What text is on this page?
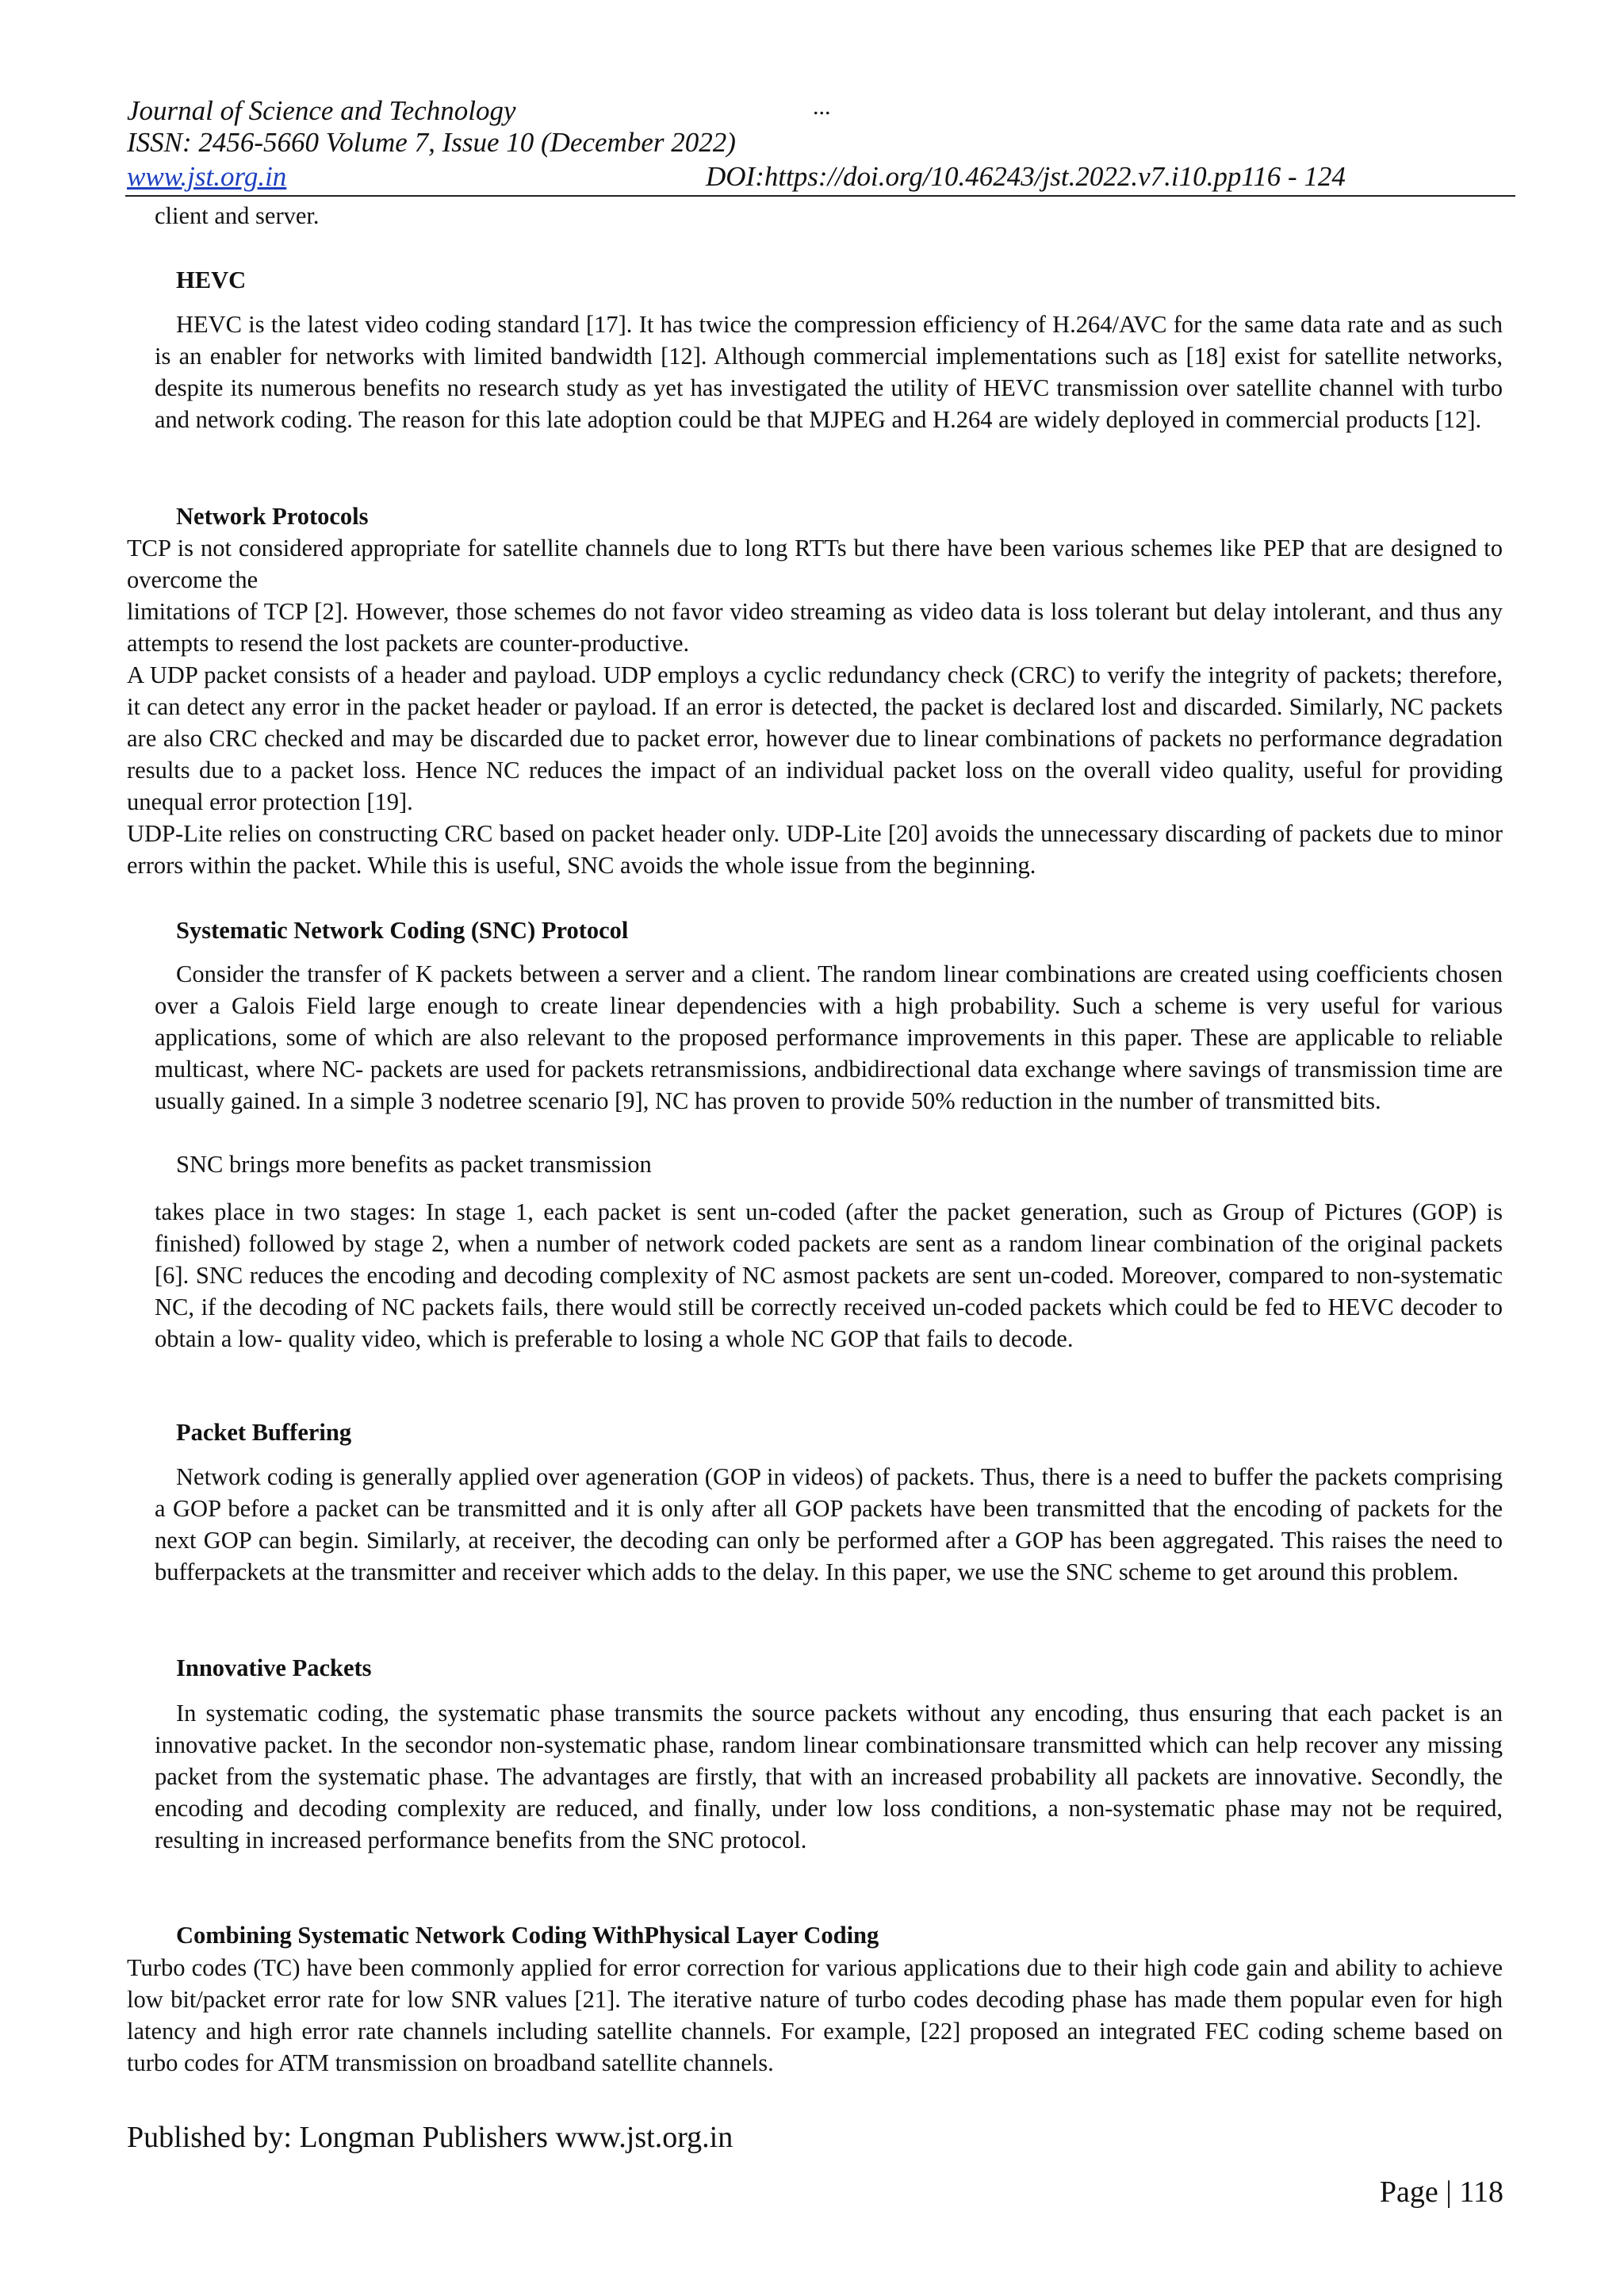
Journal of Science and Technology	...
ISSN: 2456-5660 Volume 7, Issue 10 (December 2022)
www.jst.org.in	DOI:https://doi.org/10.46243/jst.2022.v7.i10.pp116 - 124

client and server.

HEVC

HEVC is the latest video coding standard [17]. It has twice the compression efficiency of H.264/AVC for the same data rate and as such is an enabler for networks with limited bandwidth [12]. Although commercial implementations such as [18] exist for satellite networks, despite its numerous benefits no research study as yet has investigated the utility of HEVC transmission over satellite channel with turbo and network coding. The reason for this late adoption could be that MJPEG and H.264 are widely deployed in commercial products [12].

Network Protocols

TCP is not considered appropriate for satellite channels due to long RTTs but there have been various schemes like PEP that are designed to overcome the

limitations of TCP [2]. However, those schemes do not favor video streaming as video data is loss tolerant but delay intolerant, and thus any attempts to resend the lost packets are counter-productive.

A UDP packet consists of a header and payload. UDP employs a cyclic redundancy check (CRC) to verify the integrity of packets; therefore, it can detect any error in the packet header or payload. If an error is detected, the packet is declared lost and discarded. Similarly, NC packets are also CRC checked and may be discarded due to packet error, however due to linear combinations of packets no performance degradation results due to a packet loss. Hence NC reduces the impact of an individual packet loss on the overall video quality, useful for providing unequal error protection [19].

UDP-Lite relies on constructing CRC based on packet header only. UDP-Lite [20] avoids the unnecessary discarding of packets due to minor errors within the packet. While this is useful, SNC avoids the whole issue from the beginning.

Systematic Network Coding (SNC) Protocol

Consider the transfer of K packets between a server and a client. The random linear combinations are created using coefficients chosen over a Galois Field large enough to create linear dependencies with a high probability. Such a scheme is very useful for various applications, some of which are also relevant to the proposed performance improvements in this paper. These are applicable to reliable multicast, where NC- packets are used for packets retransmissions, andbidirectional data exchange where savings of transmission time are usually gained. In a simple 3 nodetree scenario [9], NC has proven to provide 50% reduction in the number of transmitted bits.

SNC brings more benefits as packet transmission

takes place in two stages: In stage 1, each packet is sent un-coded (after the packet generation, such as Group of Pictures (GOP) is finished) followed by stage 2, when a number of network coded packets are sent as a random linear combination of the original packets [6]. SNC reduces the encoding and decoding complexity of NC asmost packets are sent un-coded. Moreover, compared to non-systematic NC, if the decoding of NC packets fails, there would still be correctly received un-coded packets which could be fed to HEVC decoder to obtain a low- quality video, which is preferable to losing a whole NC GOP that fails to decode.

Packet Buffering

Network coding is generally applied over ageneration (GOP in videos) of packets. Thus, there is a need to buffer the packets comprising a GOP before a packet can be transmitted and it is only after all GOP packets have been transmitted that the encoding of packets for the next GOP can begin. Similarly, at receiver, the decoding can only be performed after a GOP has been aggregated. This raises the need to bufferpackets at the transmitter and receiver which adds to the delay. In this paper, we use the SNC scheme to get around this problem.

Innovative Packets

In systematic coding, the systematic phase transmits the source packets without any encoding, thus ensuring that each packet is an innovative packet. In the secondor non-systematic phase, random linear combinationsare transmitted which can help recover any missing packet from the systematic phase. The advantages are firstly, that with an increased probability all packets are innovative. Secondly, the encoding and decoding complexity are reduced, and finally, under low loss conditions, a non-systematic phase may not be required, resulting in increased performance benefits from the SNC protocol.

Combining Systematic Network Coding WithPhysical Layer Coding

Turbo codes (TC) have been commonly applied for error correction for various applications due to their high code gain and ability to achieve low bit/packet error rate for low SNR values [21]. The iterative nature of turbo codes decoding phase has made them popular even for high latency and high error rate channels including satellite channels. For example, [22] proposed an integrated FEC coding scheme based on turbo codes for ATM transmission on broadband satellite channels.

Published by: Longman Publishers www.jst.org.in
Page | 118
